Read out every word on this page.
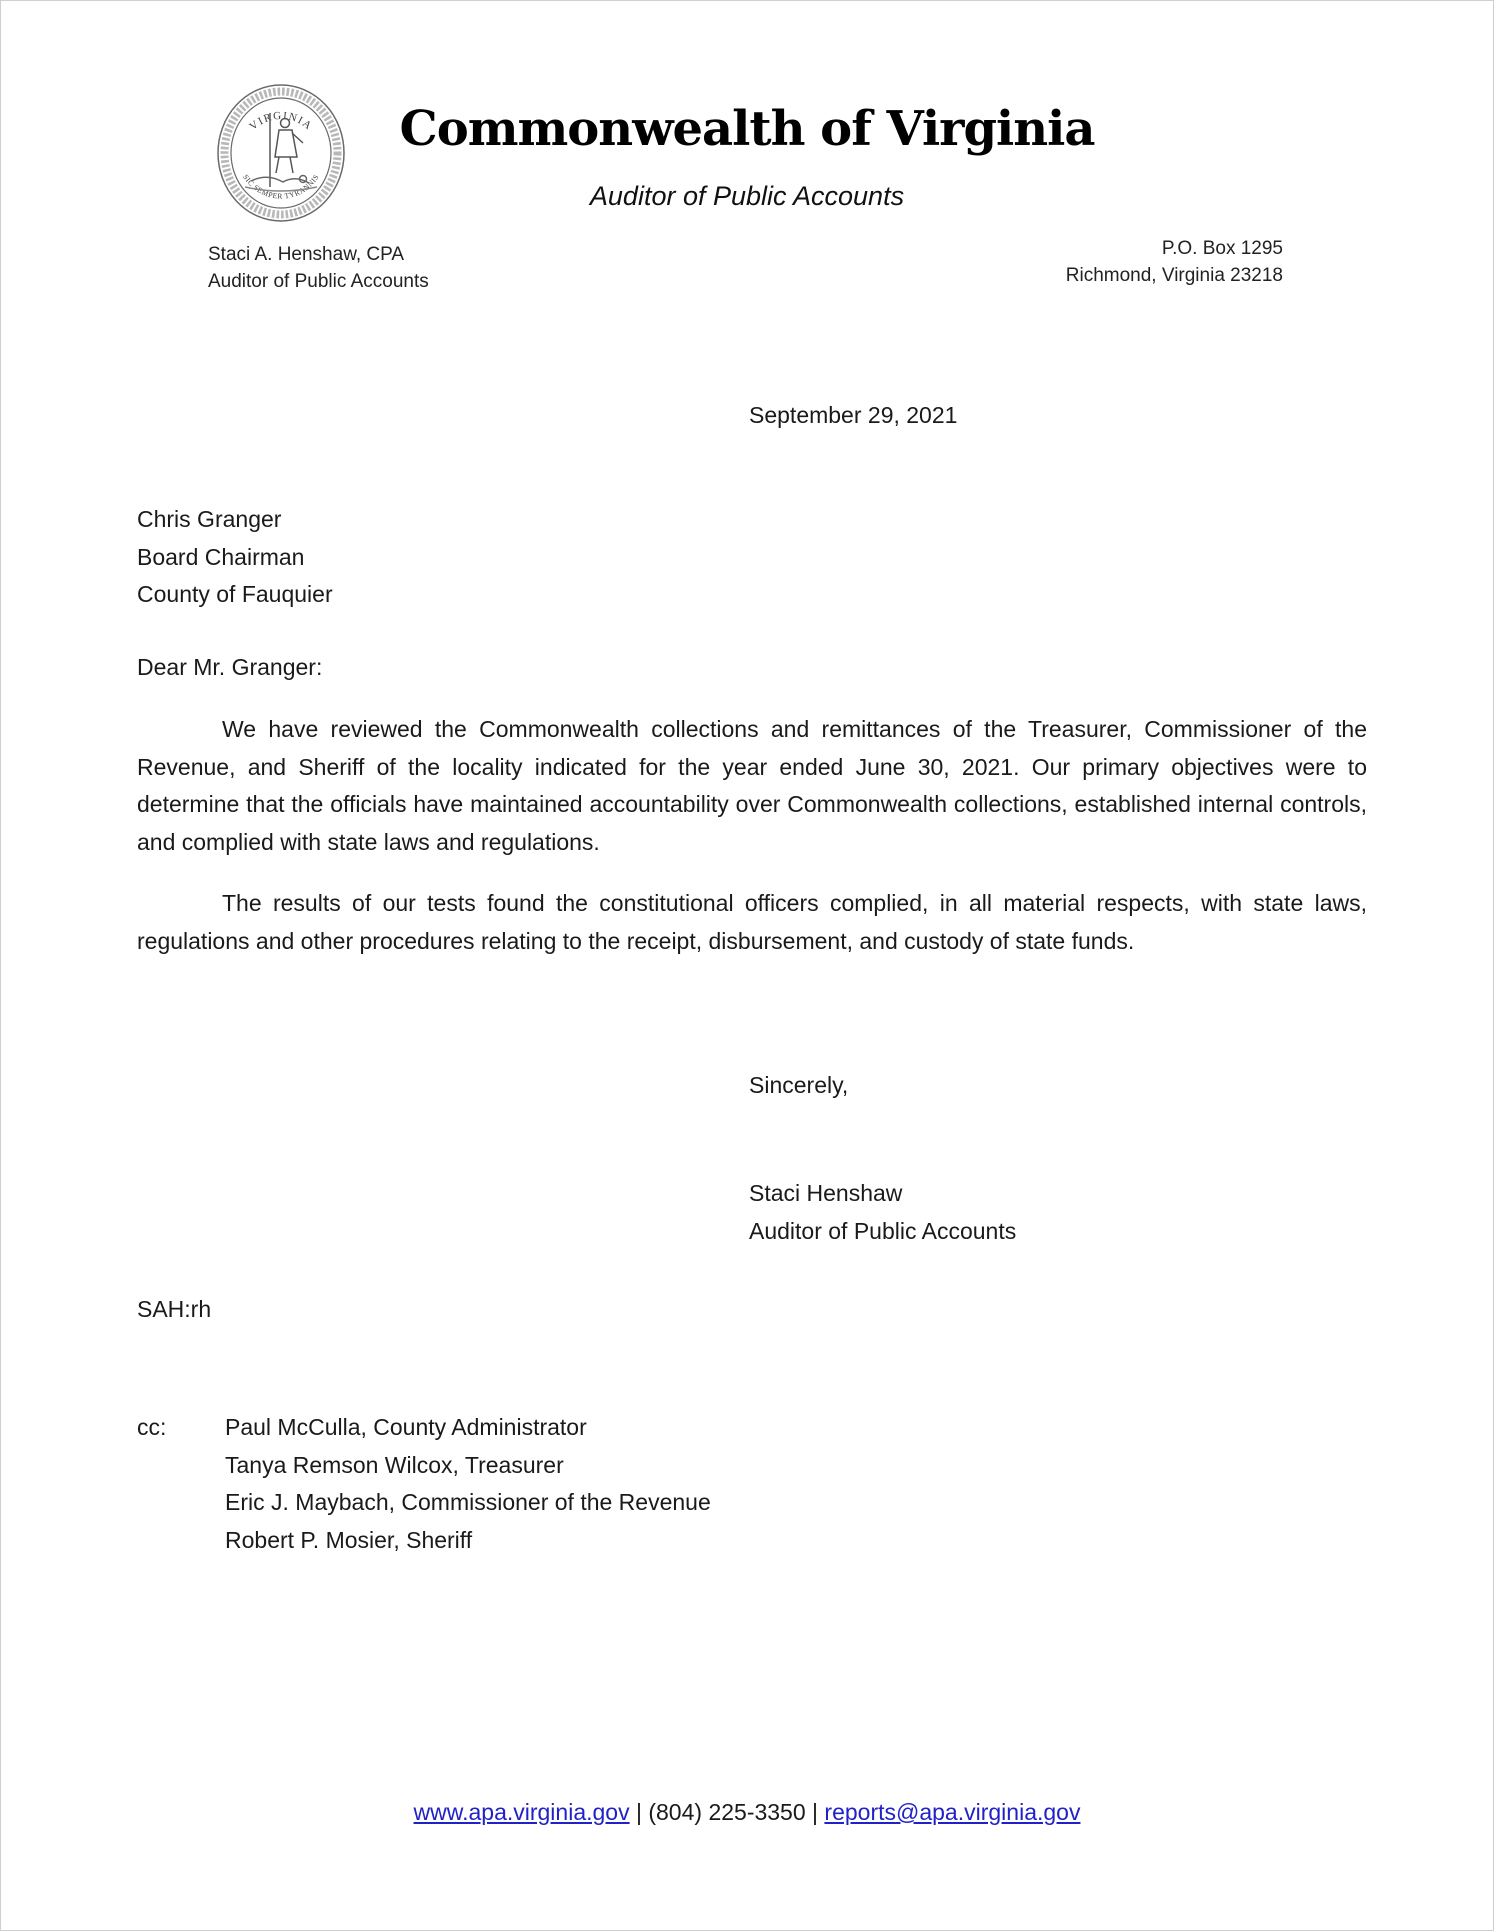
VIRGINIA
SIC SEMPER TYRANNIS
Commonwealth of Virginia
Auditor of Public Accounts
Staci A. Henshaw, CPA
Auditor of Public Accounts
P.O. Box 1295
Richmond, Virginia 23218
September 29, 2021
Chris Granger
Board Chairman
County of Fauquier
Dear Mr. Granger:
We have reviewed the Commonwealth collections and remittances of the Treasurer, Commissioner of the Revenue, and Sheriff of the locality indicated for the year ended June 30, 2021. Our primary objectives were to determine that the officials have maintained accountability over Commonwealth collections, established internal controls, and complied with state laws and regulations.
The results of our tests found the constitutional officers complied, in all material respects, with state laws, regulations and other procedures relating to the receipt, disbursement, and custody of state funds.
Sincerely,
Staci Henshaw
Auditor of Public Accounts
SAH:rh
cc:	Paul McCulla, County Administrator
Tanya Remson Wilcox, Treasurer
Eric J. Maybach, Commissioner of the Revenue
Robert P. Mosier, Sheriff
www.apa.virginia.gov | (804) 225-3350 | reports@apa.virginia.gov
